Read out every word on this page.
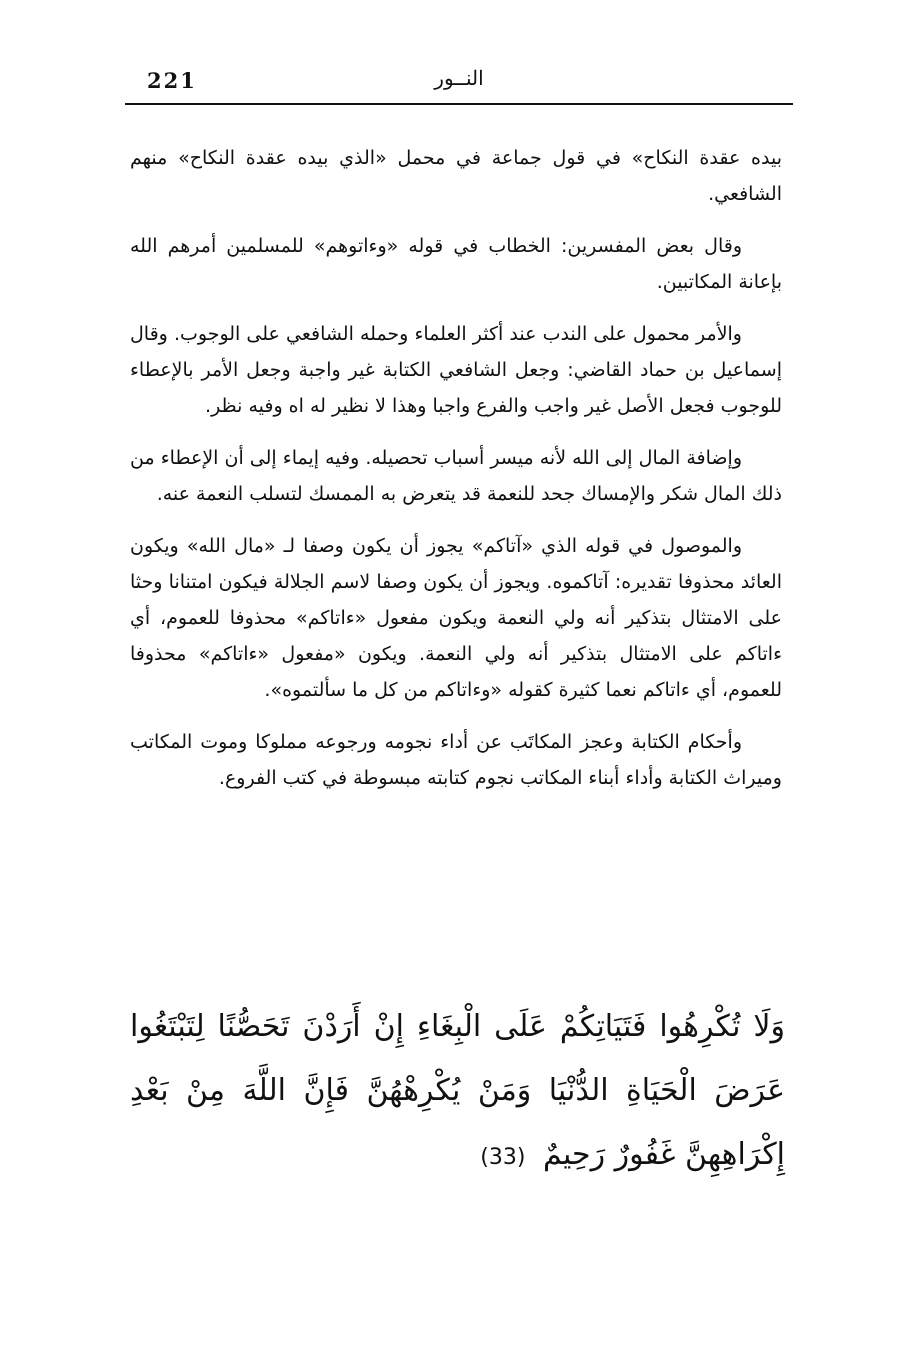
221	النــور

بيده عقدة النكاح» في قول جماعة في محمل «الذي بيده عقدة النكاح» منهم الشافعي.

وقال بعض المفسرين: الخطاب في قوله «وءاتوهم» للمسلمين أمرهم الله بإعانة المكاتبين.

والأمر محمول على الندب عند أكثر العلماء وحمله الشافعي على الوجوب. وقال إسماعيل بن حماد القاضي: وجعل الشافعي الكتابة غير واجبة وجعل الأمر بالإعطاء للوجوب فجعل الأصل غير واجب والفرع واجبا وهذا لا نظير له اه وفيه نظر.

وإضافة المال إلى الله لأنه ميسر أسباب تحصيله. وفيه إيماء إلى أن الإعطاء من ذلك المال شكر والإمساك جحد للنعمة قد يتعرض به الممسك لتسلب النعمة عنه.

والموصول في قوله الذي «آتاكم» يجوز أن يكون وصفا لـ «مال الله» ويكون العائد محذوفا تقديره: آتاكموه. ويجوز أن يكون وصفا لاسم الجلالة فيكون امتنانا وحثا على الامتثال بتذكير أنه ولي النعمة ويكون مفعول «ءاتاكم» محذوفا للعموم، أي ءاتاكم على الامتثال بتذكير أنه ولي النعمة. ويكون «مفعول «ءاتاكم» محذوفا للعموم، أي ءاتاكم نعما كثيرة كقوله «وءاتاكم من كل ما سألتموه».

وأحكام الكتابة وعجز المكاتَب عن أداء نجومه ورجوعه مملوكا وموت المكاتب وميراث الكتابة وأداء أبناء المكاتب نجوم كتابته مبسوطة في كتب الفروع.

وَلَا تُكْرِهُوا فَتَيَاتِكُمْ عَلَى الْبِغَاءِ إِنْ أَرَدْنَ تَحَصُّنًا لِتَبْتَغُوا عَرَضَ الْحَيَاةِ الدُّنْيَا وَمَنْ يُكْرِهْهُنَّ فَإِنَّ اللَّهَ مِنْ بَعْدِ إِكْرَاهِهِنَّ غَفُورٌ رَحِيمٌ (33)
